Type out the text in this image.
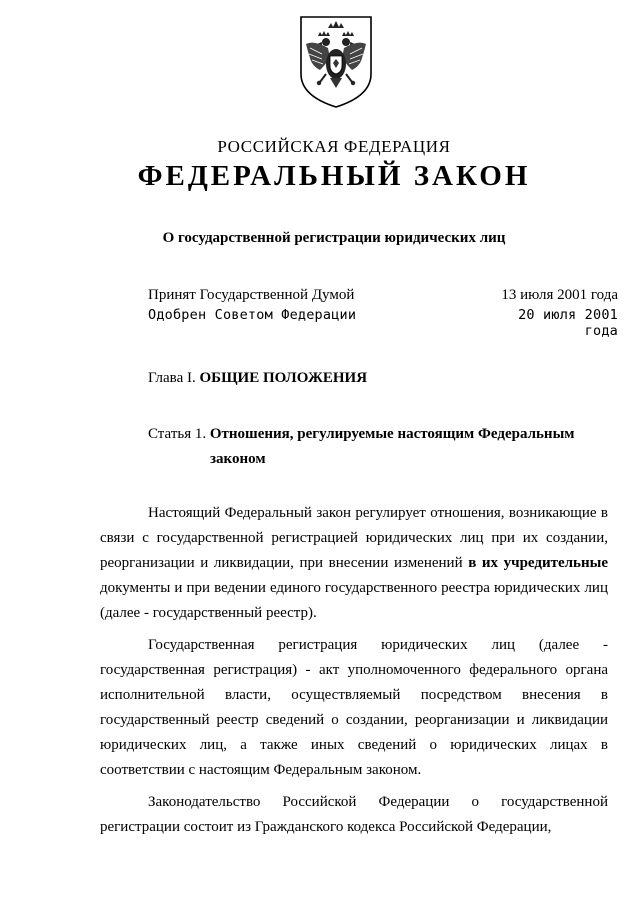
РОССИЙСКАЯ ФЕДЕРАЦИЯ
ФЕДЕРАЛЬНЫЙ ЗАКОН
О государственной регистрации юридических лиц
Принят Государственной Думой	13 июля 2001 года
Одобрен Советом Федерации	20 июля 2001 года
Глава I. ОБЩИЕ ПОЛОЖЕНИЯ
Статья 1. Отношения, регулируемые настоящим Федеральным
законом

Настоящий Федеральный закон регулирует отношения, возникающие в связи с государственной регистрацией юридических лиц при их создании, реорганизации и ликвидации, при внесении изменений в их учредительные документы и при ведении единого государственного реестра юридических лиц (далее - государственный реестр).

Государственная регистрация юридических лиц (далее - государственная регистрация) - акт уполномоченного федерального органа исполнительной власти, осуществляемый посредством внесения в государственный реестр сведений о создании, реорганизации и ликвидации юридических лиц, а также иных сведений о юридических лицах в соответствии с настоящим Федеральным законом.

Законодательство Российской Федерации о государственной регистрации состоит из Гражданского кодекса Российской Федерации,
